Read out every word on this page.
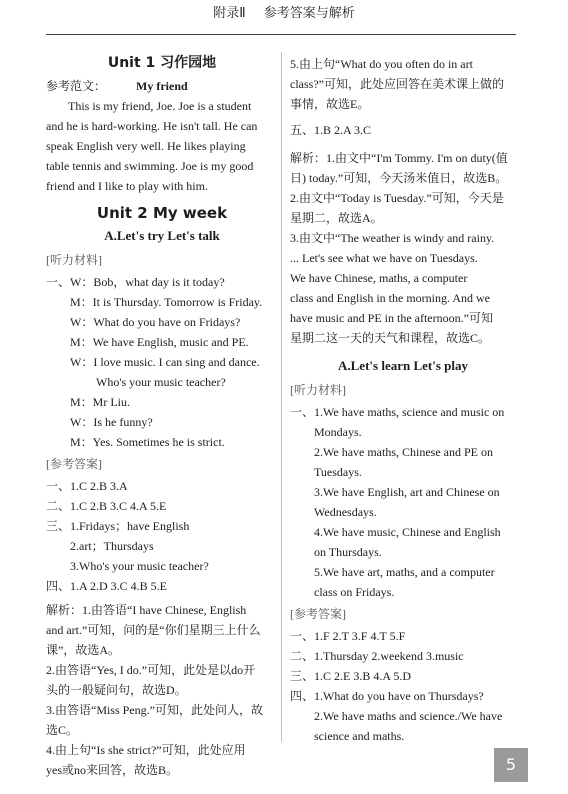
附录Ⅱ 参考答案与解析
Unit 1 习作园地

参考范文：	My friend

This is my friend, Joe. Joe is a student

and he is hard-working. He isn't tall. He can

speak English very well. He likes playing

table tennis and swimming. Joe is my good

friend and I like to play with him.

Unit 2 My week
A.Let's try Let's talk

[听力材料]

一、W：Bob，what day is it today?

M：It is Thursday. Tomorrow is Friday.

W：What do you have on Fridays?

M：We have English, music and PE.

W：I love music. I can sing and dance.

Who's your music teacher?

M：Mr Liu.

W：Is he funny?

M：Yes. Sometimes he is strict.

[参考答案]

一、1.C 2.B 3.A

二、1.C 2.B 3.C 4.A 5.E

三、1.Fridays；have English

2.art；Thursdays

3.Who's your music teacher?

四、1.A 2.D 3.C 4.B 5.E

解析：1.由答语“I have Chinese, English

and art.”可知，问的是“你们星期三上什么

课”，故选A。

2.由答语“Yes, I do.”可知，此处是以do开

头的一般疑问句，故选D。

3.由答语“Miss Peng.”可知，此处问人，故

选C。

4.由上句“Is she strict?”可知，此处应用

yes或no来回答，故选B。

5.由上句“What do you often do in art

class?”可知，此处应回答在美术课上做的

事情，故选E。

五、1.B 2.A 3.C

解析：1.由文中“I'm Tommy. I'm on duty(值

日) today.”可知，今天汤米值日，故选B。

2.由文中“Today is Tuesday.”可知，今天是

星期二，故选A。

3.由文中“The weather is windy and rainy.

... Let's see what we have on Tuesdays.

We have Chinese, maths, a computer

class and English in the morning. And we

have music and PE in the afternoon.”可知

星期二这一天的天气和课程，故选C。

A.Let's learn Let's play

[听力材料]

一、1.We have maths, science and music on

Mondays.

2.We have maths, Chinese and PE on

Tuesdays.

3.We have English, art and Chinese on

Wednesdays.

4.We have music, Chinese and English

on Thursdays.

5.We have art, maths, and a computer

class on Fridays.

[参考答案]

一、1.F 2.T 3.F 4.T 5.F

二、1.Thursday 2.weekend 3.music

三、1.C 2.E 3.B 4.A 5.D

四、1.What do you have on Thursdays?

2.We have maths and science./We have

science and maths.

5
